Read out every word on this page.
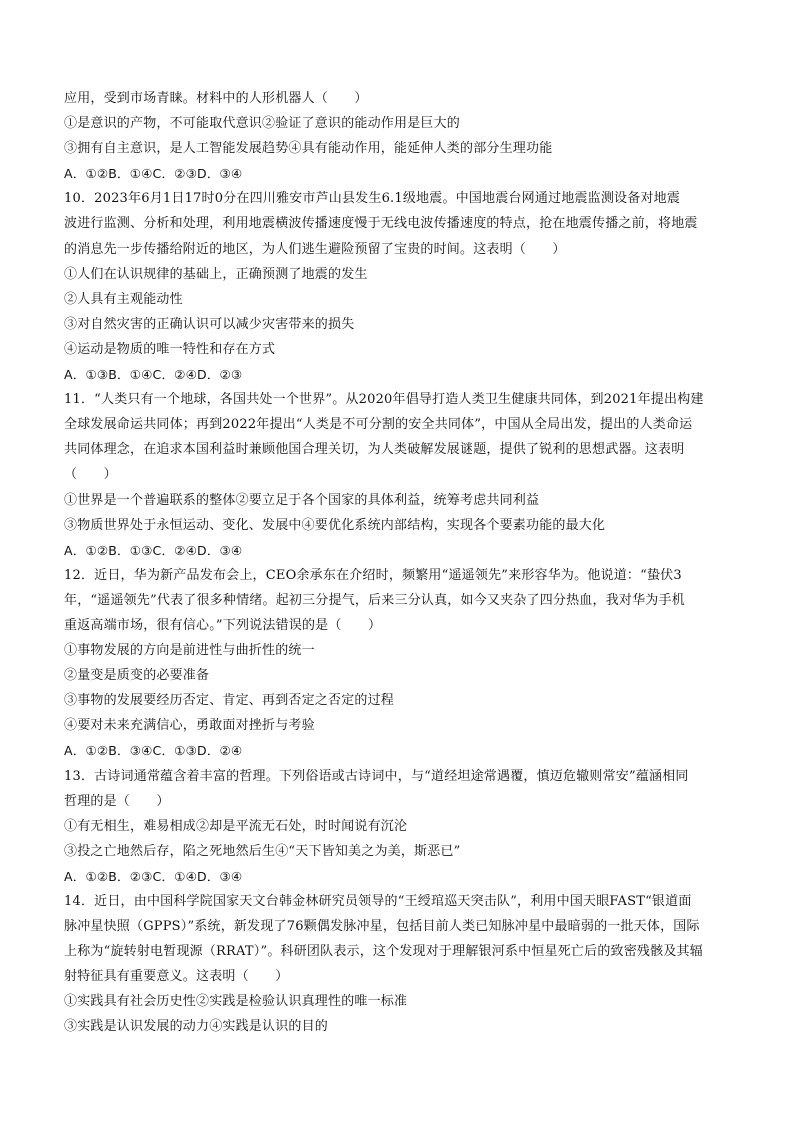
应用，受到市场青睐。材料中的人形机器人（　　）
①是意识的产物，不可能取代意识②验证了意识的能动作用是巨大的
③拥有自主意识，是人工智能发展趋势④具有能动作用，能延伸人类的部分生理功能
A．①②B．①④C．②③D．③④
10．2023年6月1日17时0分在四川雅安市芦山县发生6.1级地震。中国地震台网通过地震监测设备对地震
波进行监测、分析和处理，利用地震横波传播速度慢于无线电波传播速度的特点，抢在地震传播之前，将地震
的消息先一步传播给附近的地区，为人们逃生避险预留了宝贵的时间。这表明（　　）
①人们在认识规律的基础上，正确预测了地震的发生
②人具有主观能动性
③对自然灾害的正确认识可以减少灾害带来的损失
④运动是物质的唯一特性和存在方式
A．①③B．①④C．②④D．②③
11．“人类只有一个地球，各国共处一个世界”。从2020年倡导打造人类卫生健康共同体，到2021年提出构建
全球发展命运共同体；再到2022年提出“人类是不可分割的安全共同体”，中国从全局出发，提出的人类命运
共同体理念，在追求本国利益时兼顾他国合理关切，为人类破解发展谜题，提供了锐利的思想武器。这表明
（　　）
①世界是一个普遍联系的整体②要立足于各个国家的具体利益，统筹考虑共同利益
③物质世界处于永恒运动、变化、发展中④要优化系统内部结构，实现各个要素功能的最大化
A．①②B．①③C．②④D．③④
12．近日，华为新产品发布会上，CEO余承东在介绍时，频繁用“遥遥领先”来形容华为。他说道：“蛰伏3
年，“遥遥领先”代表了很多种情绪。起初三分提气，后来三分认真，如今又夹杂了四分热血，我对华为手机
重返高端市场，很有信心。”下列说法错误的是（　　）
①事物发展的方向是前进性与曲折性的统一
②量变是质变的必要准备
③事物的发展要经历否定、肯定、再到否定之否定的过程
④要对未来充满信心，勇敢面对挫折与考验
A．①②B．③④C．①③D．②④
13．古诗词通常蕴含着丰富的哲理。下列俗语或古诗词中，与“道经坦途常遇覆，慎迈危辙则常安”蕴涵相同
哲理的是（　　）
①有无相生，难易相成②却是平流无石处，时时闻说有沉沦
③投之亡地然后存，陷之死地然后生④“天下皆知美之为美，斯恶已”
A．①②B．②③C．①④D．③④
14．近日，由中国科学院国家天文台韩金林研究员领导的“王绶琯巡天突击队”，利用中国天眼FAST“银道面
脉冲星快照（GPPS）”系统，新发现了76颗偶发脉冲星，包括目前人类已知脉冲星中最暗弱的一批天体，国际
上称为“旋转射电暂现源（RRAT）”。科研团队表示，这个发现对于理解银河系中恒星死亡后的致密残骸及其辐
射特征具有重要意义。这表明（　　）
①实践具有社会历史性②实践是检验认识真理性的唯一标准
③实践是认识发展的动力④实践是认识的目的
